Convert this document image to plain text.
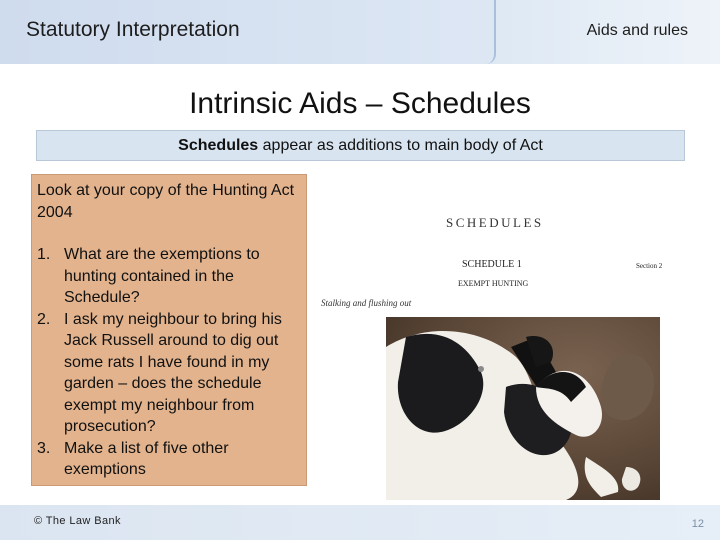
Statutory Interpretation	Aids and rules
Intrinsic Aids – Schedules
Schedules appear as additions to main body of Act

Look at your copy of the Hunting Act 2004

1. What are the exemptions to hunting contained in the Schedule?
2. I ask my neighbour to bring his Jack Russell around to dig out some rats I have found in my garden – does the schedule exempt my neighbour from prosecution?
3. Make a list of five other exemptions
SCHEDULES
SCHEDULE 1	Section 2
EXEMPT HUNTING
Stalking and flushing out
© The Law Bank	12
